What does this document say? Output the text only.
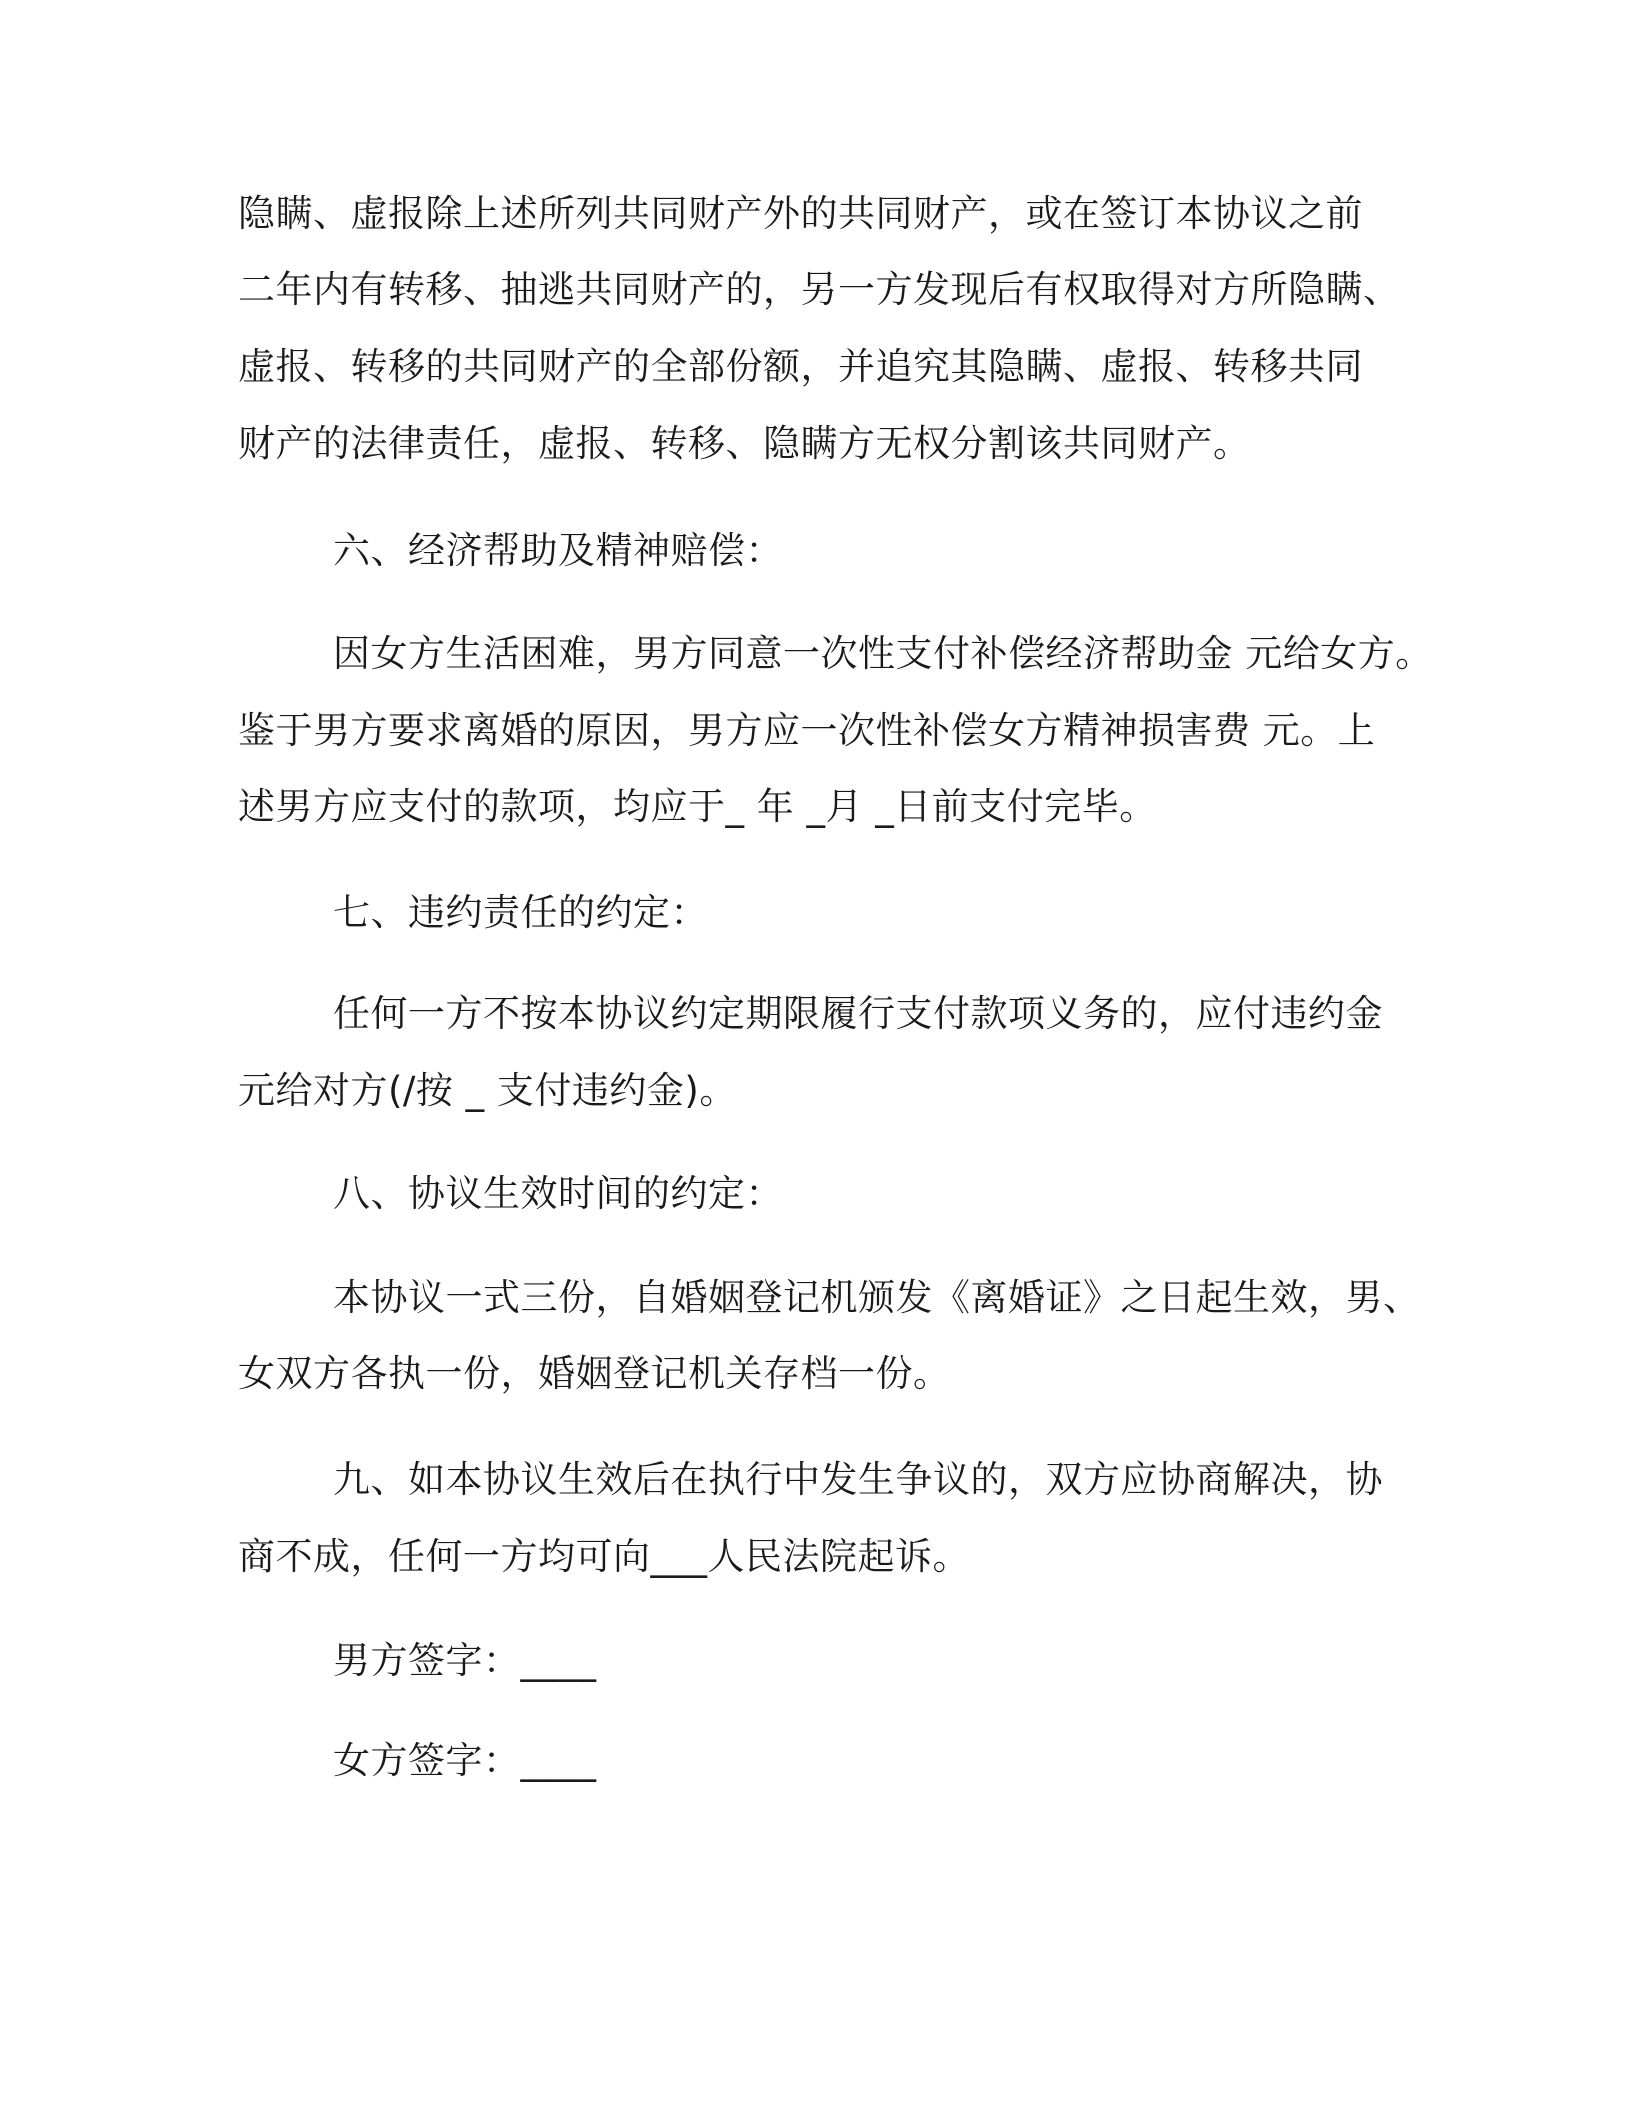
隐瞒、虚报除上述所列共同财产外的共同财产，或在签订本协议之前
二年内有转移、抽逃共同财产的，另一方发现后有权取得对方所隐瞒、
虚报、转移的共同财产的全部份额，并追究其隐瞒、虚报、转移共同
财产的法律责任，虚报、转移、隐瞒方无权分割该共同财产。
六、经济帮助及精神赔偿：
因女方生活困难，男方同意一次性支付补偿经济帮助金 元给女方。
鉴于男方要求离婚的原因，男方应一次性补偿女方精神损害费 元。上
述男方应支付的款项，均应于_ 年 _月 _日前支付完毕。
七、违约责任的约定：
任何一方不按本协议约定期限履行支付款项义务的，应付违约金
元给对方(/按 _ 支付违约金)。
八、协议生效时间的约定：
本协议一式三份，自婚姻登记机颁发《离婚证》之日起生效，男、
女双方各执一份，婚姻登记机关存档一份。
九、如本协议生效后在执行中发生争议的，双方应协商解决，协
商不成，任何一方均可向___人民法院起诉。
男方签字：____
女方签字：____
